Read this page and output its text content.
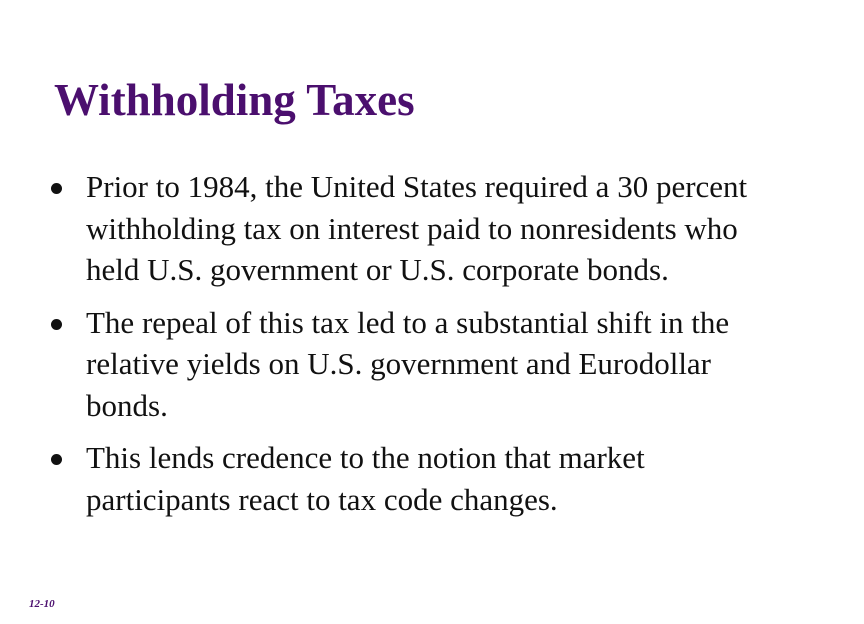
Withholding Taxes
Prior to 1984, the United States required a 30 percent withholding tax on interest paid to nonresidents who held U.S. government or U.S. corporate bonds.
The repeal of this tax led to a substantial shift in the relative yields on U.S. government and Eurodollar bonds.
This lends credence to the notion that market participants react to tax code changes.
12-10
